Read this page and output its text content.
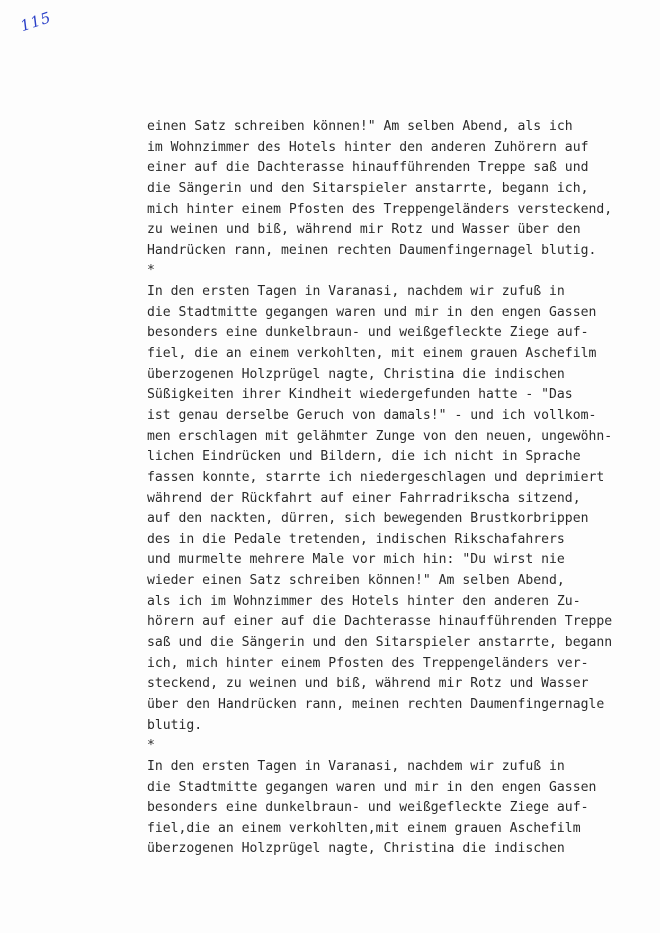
115
einen Satz schreiben können!" Am selben Abend, als ich
im Wohnzimmer des Hotels hinter den anderen Zuhörern auf
einer auf die Dachterasse hinaufführenden Treppe saß und
die Sängerin und den Sitarspieler anstarrte, begann ich,
mich hinter einem Pfosten des Treppengeländers versteckend,
zu weinen und biß, während mir Rotz und Wasser über den
Handrücken rann, meinen rechten Daumenfingernagel blutig.
*
In den ersten Tagen in Varanasi, nachdem wir zufuß in
die Stadtmitte gegangen waren und mir in den engen Gassen
besonders eine dunkelbraun- und weißgefleckte Ziege auf-
fiel, die an einem verkohlten, mit einem grauen Aschefilm
überzogenen Holzprügel nagte, Christina die indischen
Süßigkeiten ihrer Kindheit wiedergefunden hatte - "Das
ist genau derselbe Geruch von damals!" - und ich vollkom-
men erschlagen mit gelähmter Zunge von den neuen, ungewöhn-
lichen Eindrücken und Bildern, die ich nicht in Sprache
fassen konnte, starrte ich niedergeschlagen und deprimiert
während der Rückfahrt auf einer Fahrradrikscha sitzend,
auf den nackten, dürren, sich bewegenden Brustkorbrippen
des in die Pedale tretenden, indischen Rikschafahrers
und murmelte mehrere Male vor mich hin: "Du wirst nie
wieder einen Satz schreiben können!" Am selben Abend,
als ich im Wohnzimmer des Hotels hinter den anderen Zu-
hörern auf einer auf die Dachterasse hinaufführenden Treppe
saß und die Sängerin und den Sitarspieler anstarrte, begann
ich, mich hinter einem Pfosten des Treppengeländers ver-
steckend, zu weinen und biß, während mir Rotz und Wasser
über den Handrücken rann, meinen rechten Daumenfingernagle
blutig.
*
In den ersten Tagen in Varanasi, nachdem wir zufuß in
die Stadtmitte gegangen waren und mir in den engen Gassen
besonders eine dunkelbraun- und weißgefleckte Ziege auf-
fiel,die an einem verkohlten,mit einem grauen Aschefilm
überzogenen Holzprügel nagte, Christina die indischen
